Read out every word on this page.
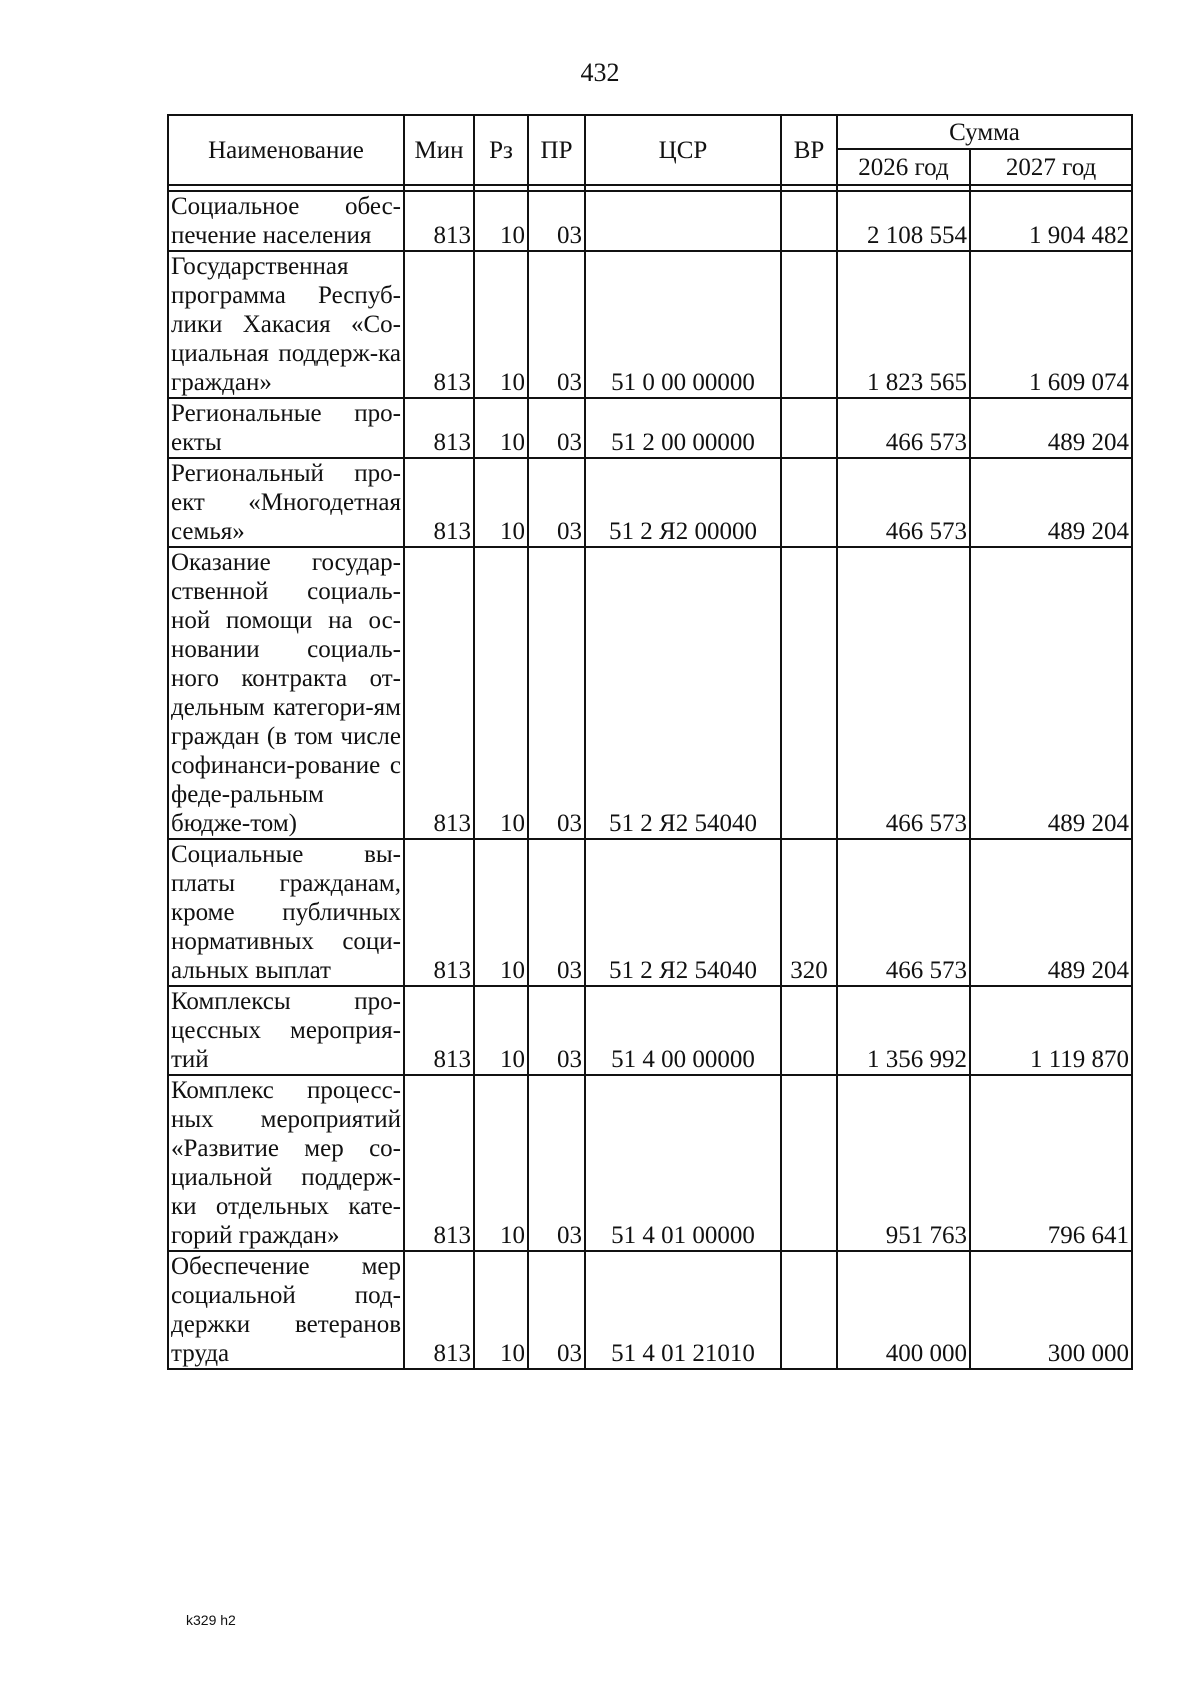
432
Наименование	Мин	Рз	ПР	ЦСР	ВР	Сумма	
						2026 год	2027 год

Социальное обес-печение населения	813	10	03			2 108 554	1 904 482
Государственная программа Респуб-лики Хакасия «Со-циальная поддерж-ка граждан»	813	10	03	51 0 00 00000		1 823 565	1 609 074
Региональные про-екты	813	10	03	51 2 00 00000		466 573	489 204
Региональный про-ект «Многодетная семья»	813	10	03	51 2 Я2 00000		466 573	489 204
Оказание государ-ственной социаль-ной помощи на ос-новании социаль-ного контракта от-дельным категори-ям граждан (в том числе софинанси-рование с феде-ральным бюдже-том)	813	10	03	51 2 Я2 54040		466 573	489 204
Социальные вы-платы гражданам, кроме публичных нормативных соци-альных выплат	813	10	03	51 2 Я2 54040	320	466 573	489 204
Комплексы про-цессных мероприя-тий	813	10	03	51 4 00 00000		1 356 992	1 119 870
Комплекс процесс-ных мероприятий «Развитие мер со-циальной поддерж-ки отдельных кате-горий граждан»	813	10	03	51 4 01 00000		951 763	796 641
Обеспечение мер социальной под-держки ветеранов труда	813	10	03	51 4 01 21010		400 000	300 000
k329 h2
